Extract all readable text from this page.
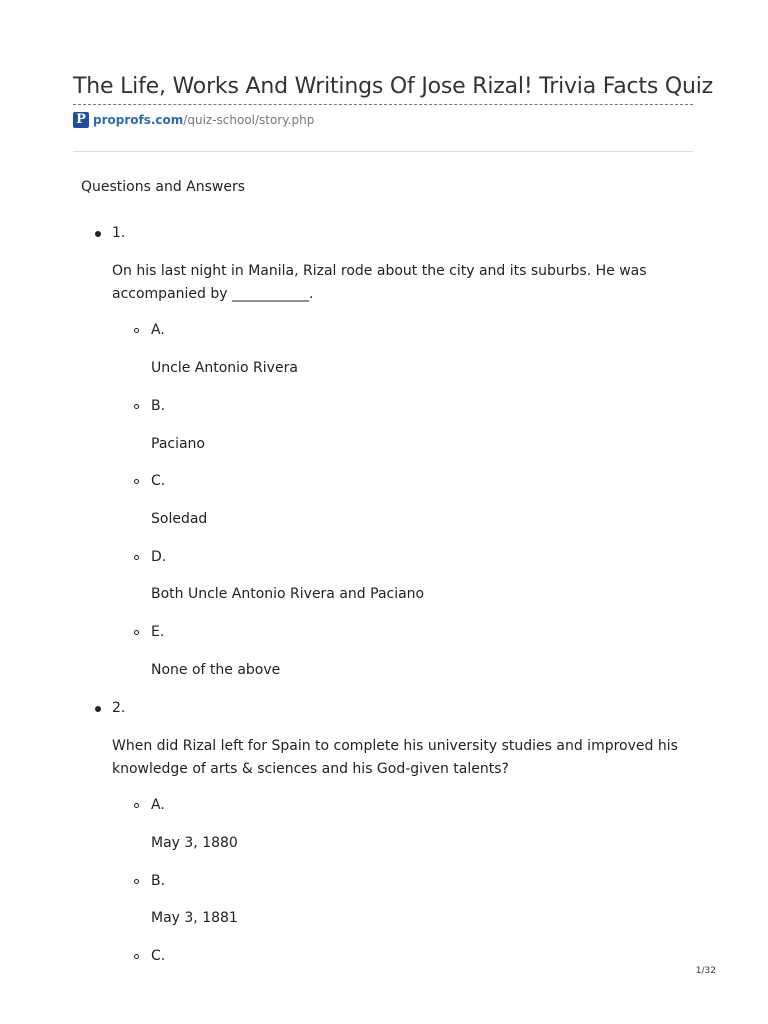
The Life, Works And Writings Of Jose Rizal! Trivia Facts Quiz
P proprofs.com /quiz-school/story.php
Questions and Answers
1.
On his last night in Manila, Rizal rode about the city and its suburbs. He was
accompanied by ___________.
A.
Uncle Antonio Rivera
B.
Paciano
C.
Soledad
D.
Both Uncle Antonio Rivera and Paciano
E.
None of the above
2.
When did Rizal left for Spain to complete his university studies and improved his
knowledge of arts & sciences and his God-given talents?
A.
May 3, 1880
B.
May 3, 1881
C.
1/32
